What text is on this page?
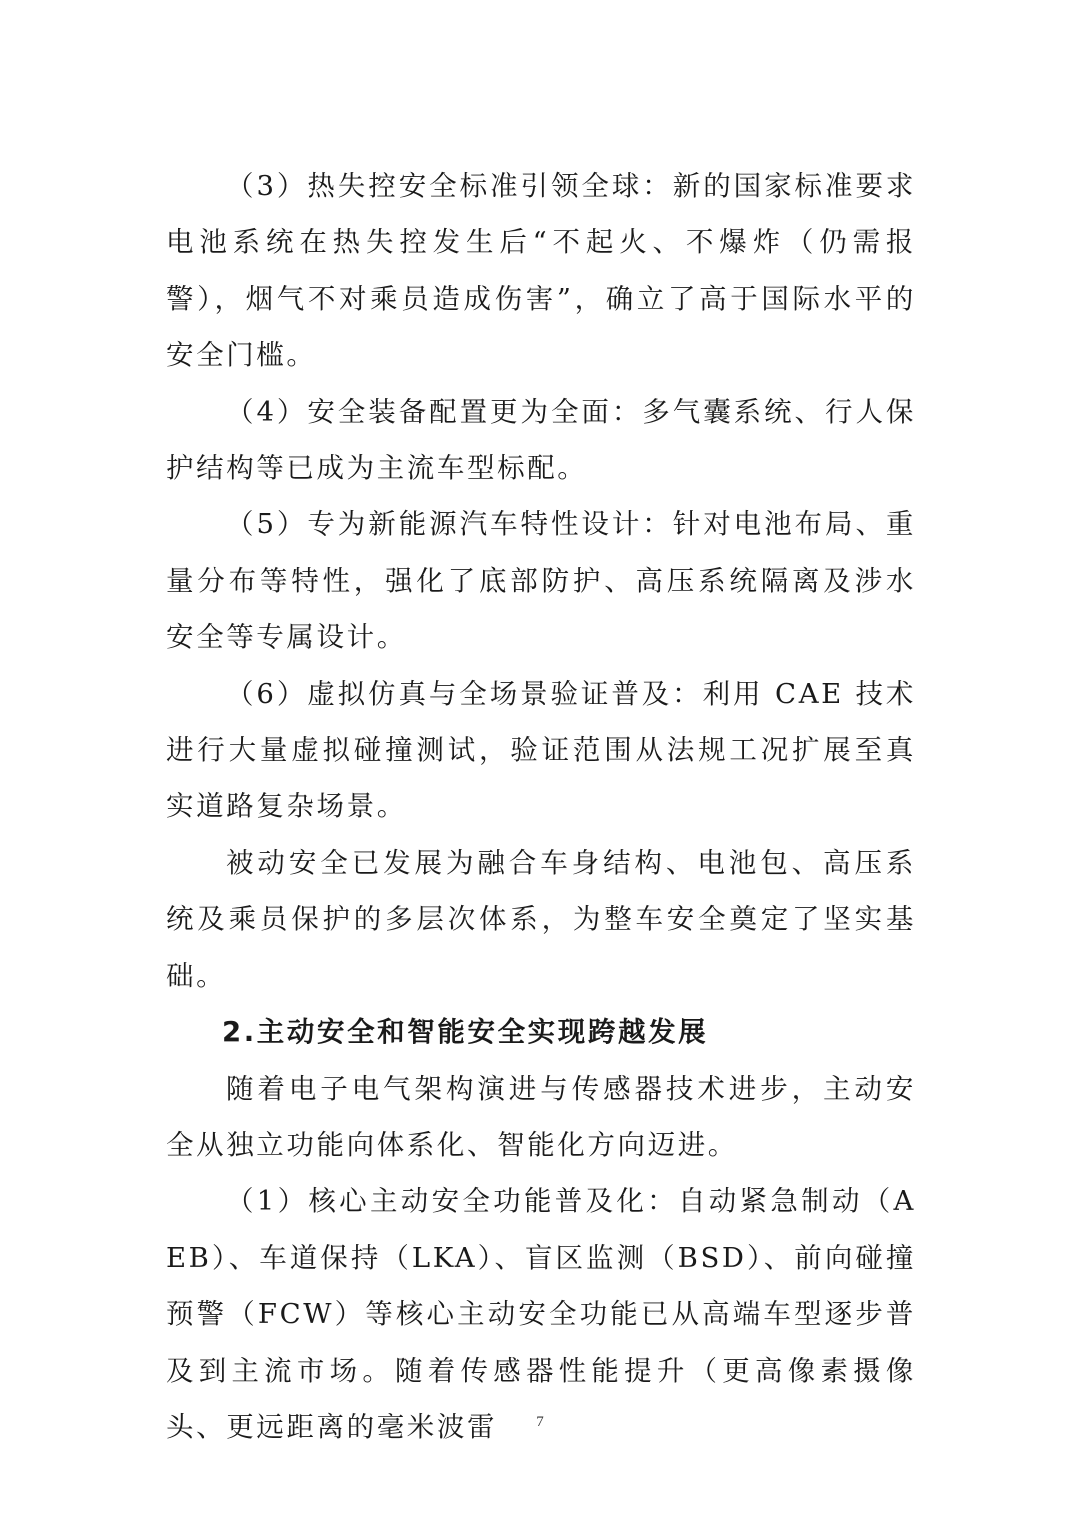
（3）热失控安全标准引领全球：新的国家标准要求电池系统在热失控发生后“不起火、不爆炸（仍需报警），烟气不对乘员造成伤害”，确立了高于国际水平的安全门槛。

（4）安全装备配置更为全面：多气囊系统、行人保护结构等已成为主流车型标配。

（5）专为新能源汽车特性设计：针对电池布局、重量分布等特性，强化了底部防护、高压系统隔离及涉水安全等专属设计。

（6）虚拟仿真与全场景验证普及：利用 CAE 技术进行大量虚拟碰撞测试，验证范围从法规工况扩展至真实道路复杂场景。

被动安全已发展为融合车身结构、电池包、高压系统及乘员保护的多层次体系，为整车安全奠定了坚实基础。

2.主动安全和智能安全实现跨越发展

随着电子电气架构演进与传感器技术进步，主动安全从独立功能向体系化、智能化方向迈进。

（1）核心主动安全功能普及化：自动紧急制动（AEB）、车道保持（LKA）、盲区监测（BSD）、前向碰撞预警（FCW）等核心主动安全功能已从高端车型逐步普及到主流市场。随着传感器性能提升（更高像素摄像头、更远距离的毫米波雷	7
